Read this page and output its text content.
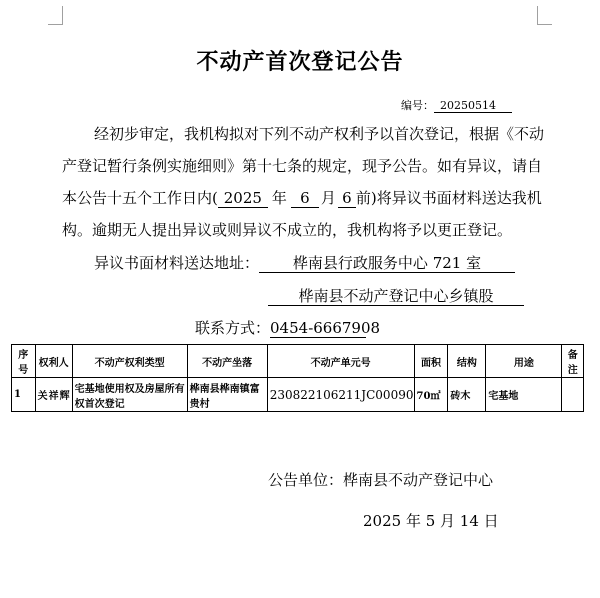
不动产首次登记公告
编号： 20250514
经初步审定，我机构拟对下列不动产权利予以首次登记，根据《不动
产登记暂行条例实施细则》第十七条的规定，现予公告。如有异议，请自
本公告十五个工作日内( 2025 年 6 月 6 前)将异议书面材料送达我机
构。逾期无人提出异议或则异议不成立的，我机构将予以更正登记。
异议书面材料送达地址： 桦南县行政服务中心 721 室
桦南县不动产登记中心乡镇股
联系方式：0454-6667908
序号	权利人	不动产权利类型	不动产坐落	不动产单元号	面积	结构	用途	备注
1	关祥辉	宅基地使用权及房屋所有权首次登记	桦南县桦南镇富贵村	230822106211JC00090	70㎡	砖木	宅基地	
公告单位：桦南县不动产登记中心
2025 年 5 月 14 日
